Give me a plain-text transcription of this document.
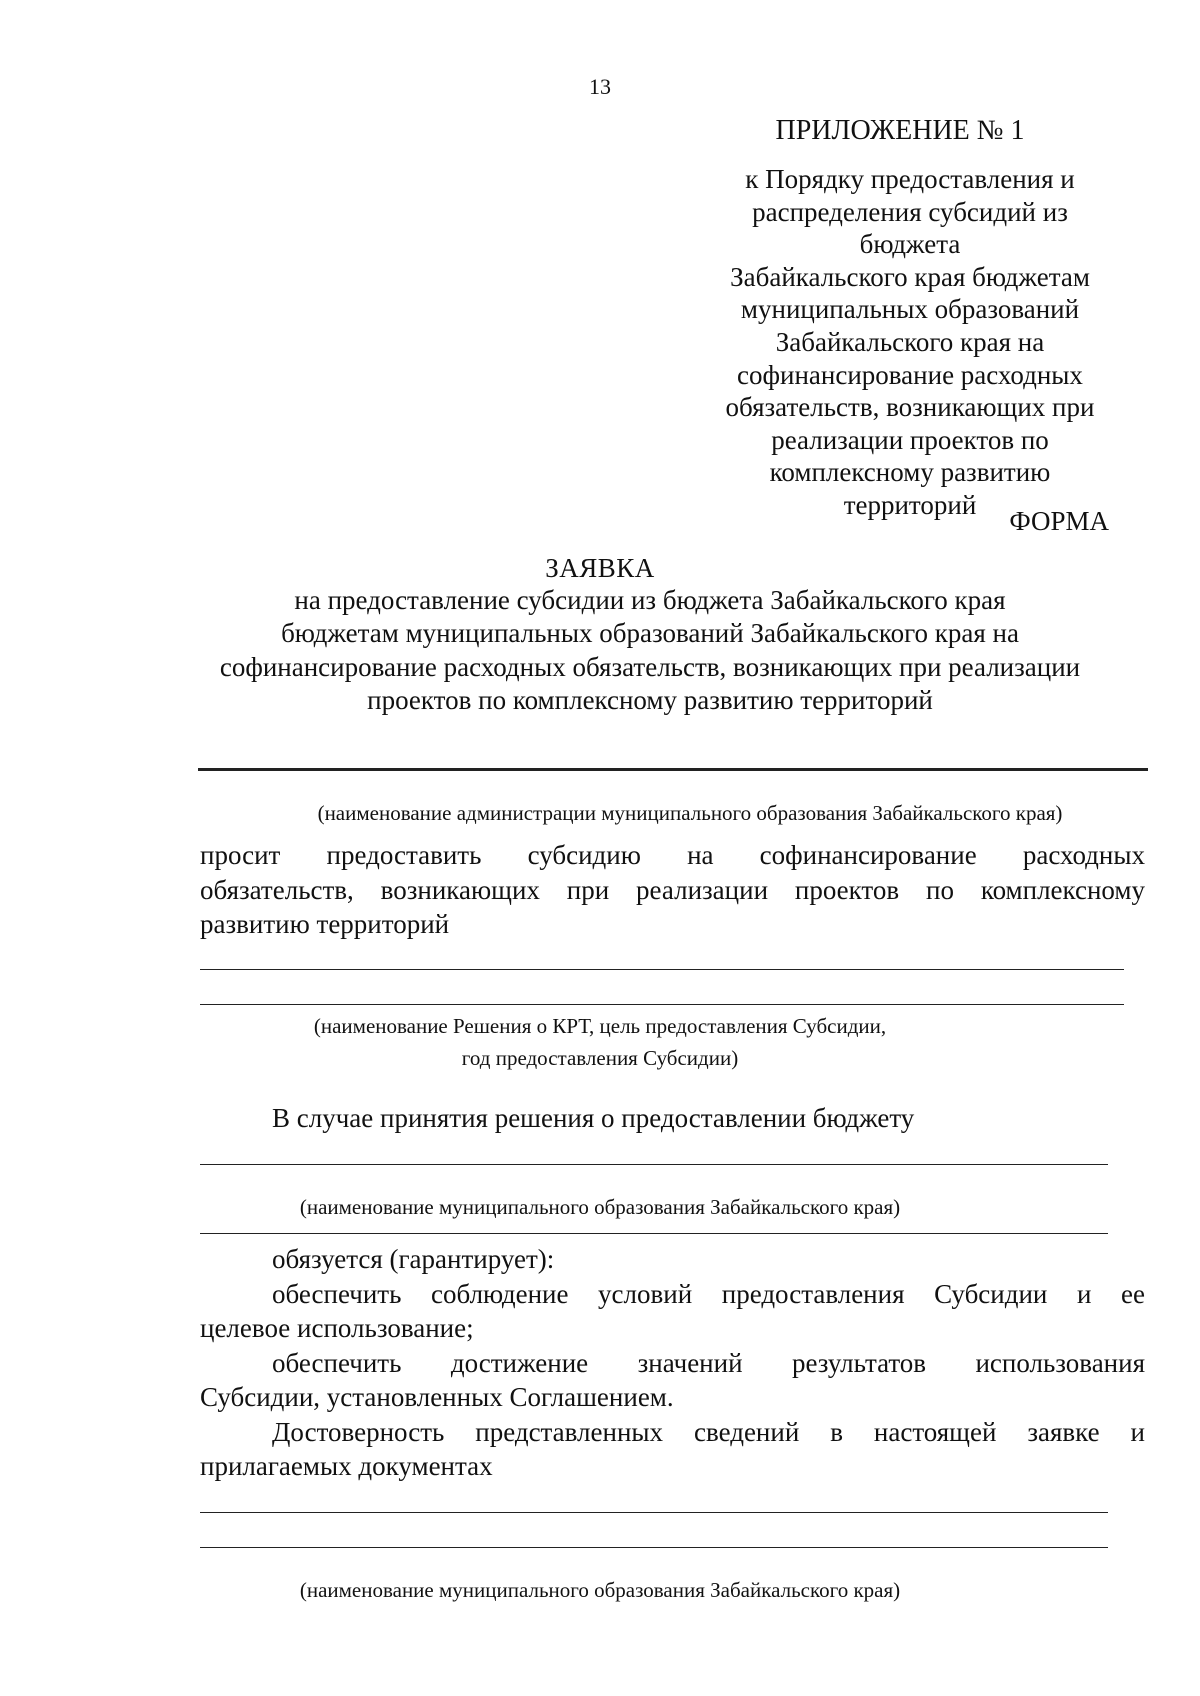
13

ПРИЛОЖЕНИЕ № 1

к Порядку предоставления и
распределения субсидий из бюджета
Забайкальского края бюджетам
муниципальных образований
Забайкальского края на
софинансирование расходных
обязательств, возникающих при
реализации проектов по
комплексному развитию территорий

ФОРМА

ЗАЯВКА

на предоставление субсидии из бюджета Забайкальского края
бюджетам муниципальных образований Забайкальского края на
софинансирование расходных обязательств, возникающих при реализации
проектов по комплексному развитию территорий

(наименование администрации муниципального образования Забайкальского края)

просит предоставить субсидию на софинансирование расходных
обязательств, возникающих при реализации проектов по комплексному
развитию территорий
(наименование Решения о КРТ, цель предоставления Субсидии,
год предоставления Субсидии)

В случае принятия решения о предоставлении бюджету

(наименование муниципального образования Забайкальского края)

обязуется (гарантирует):

обеспечить соблюдение условий предоставления Субсидии и ее
целевое использование;
обеспечить достижение значений результатов использования
Субсидии, установленных Соглашением.
Достоверность представленных сведений в настоящей заявке и
прилагаемых документах

(наименование муниципального образования Забайкальского края)
